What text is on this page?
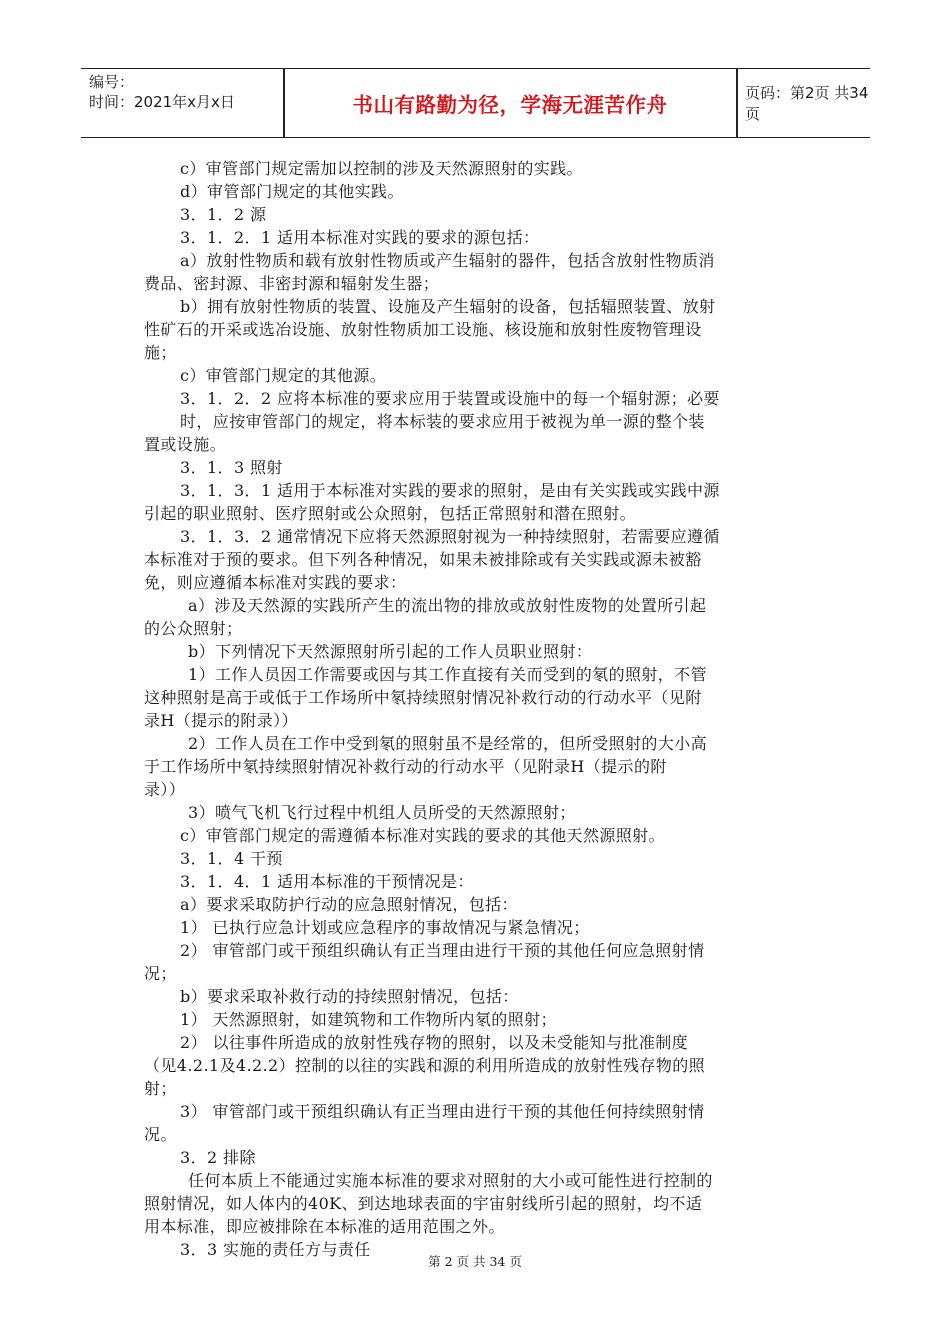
编号：
时间：2021年x月x日	书山有路勤为径，学海无涯苦作舟	页码：第2页 共34页
c）审管部门规定需加以控制的涉及天然源照射的实践。
d）审管部门规定的其他实践。
3．1．2 源
3．1．2．1 适用本标准对实践的要求的源包括：
a）放射性物质和载有放射性物质或产生辐射的器件，包括含放射性物质消
费品、密封源、非密封源和辐射发生器；
b）拥有放射性物质的装置、设施及产生辐射的设备，包括辐照装置、放射
性矿石的开采或选冶设施、放射性物质加工设施、核设施和放射性废物管理设
施；
c）审管部门规定的其他源。
3．1．2．2 应将本标准的要求应用于装置或设施中的每一个辐射源；必要
时，应按审管部门的规定，将本标装的要求应用于被视为单一源的整个装
置或设施。
3．1．3 照射
3．1．3．1 适用于本标准对实践的要求的照射，是由有关实践或实践中源
引起的职业照射、医疗照射或公众照射，包括正常照射和潜在照射。
3．1．3．2 通常情况下应将天然源照射视为一种持续照射，若需要应遵循
本标准对于预的要求。但下列各种情况，如果未被排除或有关实践或源未被豁
免，则应遵循本标准对实践的要求：
a）涉及天然源的实践所产生的流出物的排放或放射性废物的处置所引起
的公众照射；
b）下列情况下天然源照射所引起的工作人员职业照射：
1）工作人员因工作需要或因与其工作直接有关而受到的氡的照射，不管
这种照射是高于或低于工作场所中氡持续照射情况补救行动的行动水平（见附
录H（提示的附录））
2）工作人员在工作中受到氡的照射虽不是经常的，但所受照射的大小高
于工作场所中氡持续照射情况补救行动的行动水平（见附录H（提示的附
录））
3）喷气飞机飞行过程中机组人员所受的天然源照射；
c）审管部门规定的需遵循本标准对实践的要求的其他天然源照射。
3．1．4 干预
3．1．4．1 适用本标准的干预情况是：
a）要求采取防护行动的应急照射情况，包括：
1） 已执行应急计划或应急程序的事故情况与紧急情况；
2） 审管部门或干预组织确认有正当理由进行干预的其他任何应急照射情
况；
b）要求采取补救行动的持续照射情况，包括：
1） 天然源照射，如建筑物和工作物所内氡的照射；
2） 以往事件所造成的放射性残存物的照射，以及未受能知与批准制度
（见4.2.1及4.2.2）控制的以往的实践和源的利用所造成的放射性残存物的照
射；
3） 审管部门或干预组织确认有正当理由进行干预的其他任何持续照射情
况。
3．2 排除
任何本质上不能通过实施本标准的要求对照射的大小或可能性进行控制的
照射情况，如人体内的40K、到达地球表面的宇宙射线所引起的照射，均不适
用本标准，即应被排除在本标准的适用范围之外。
3．3 实施的责任方与责任
第 2 页 共 34 页
